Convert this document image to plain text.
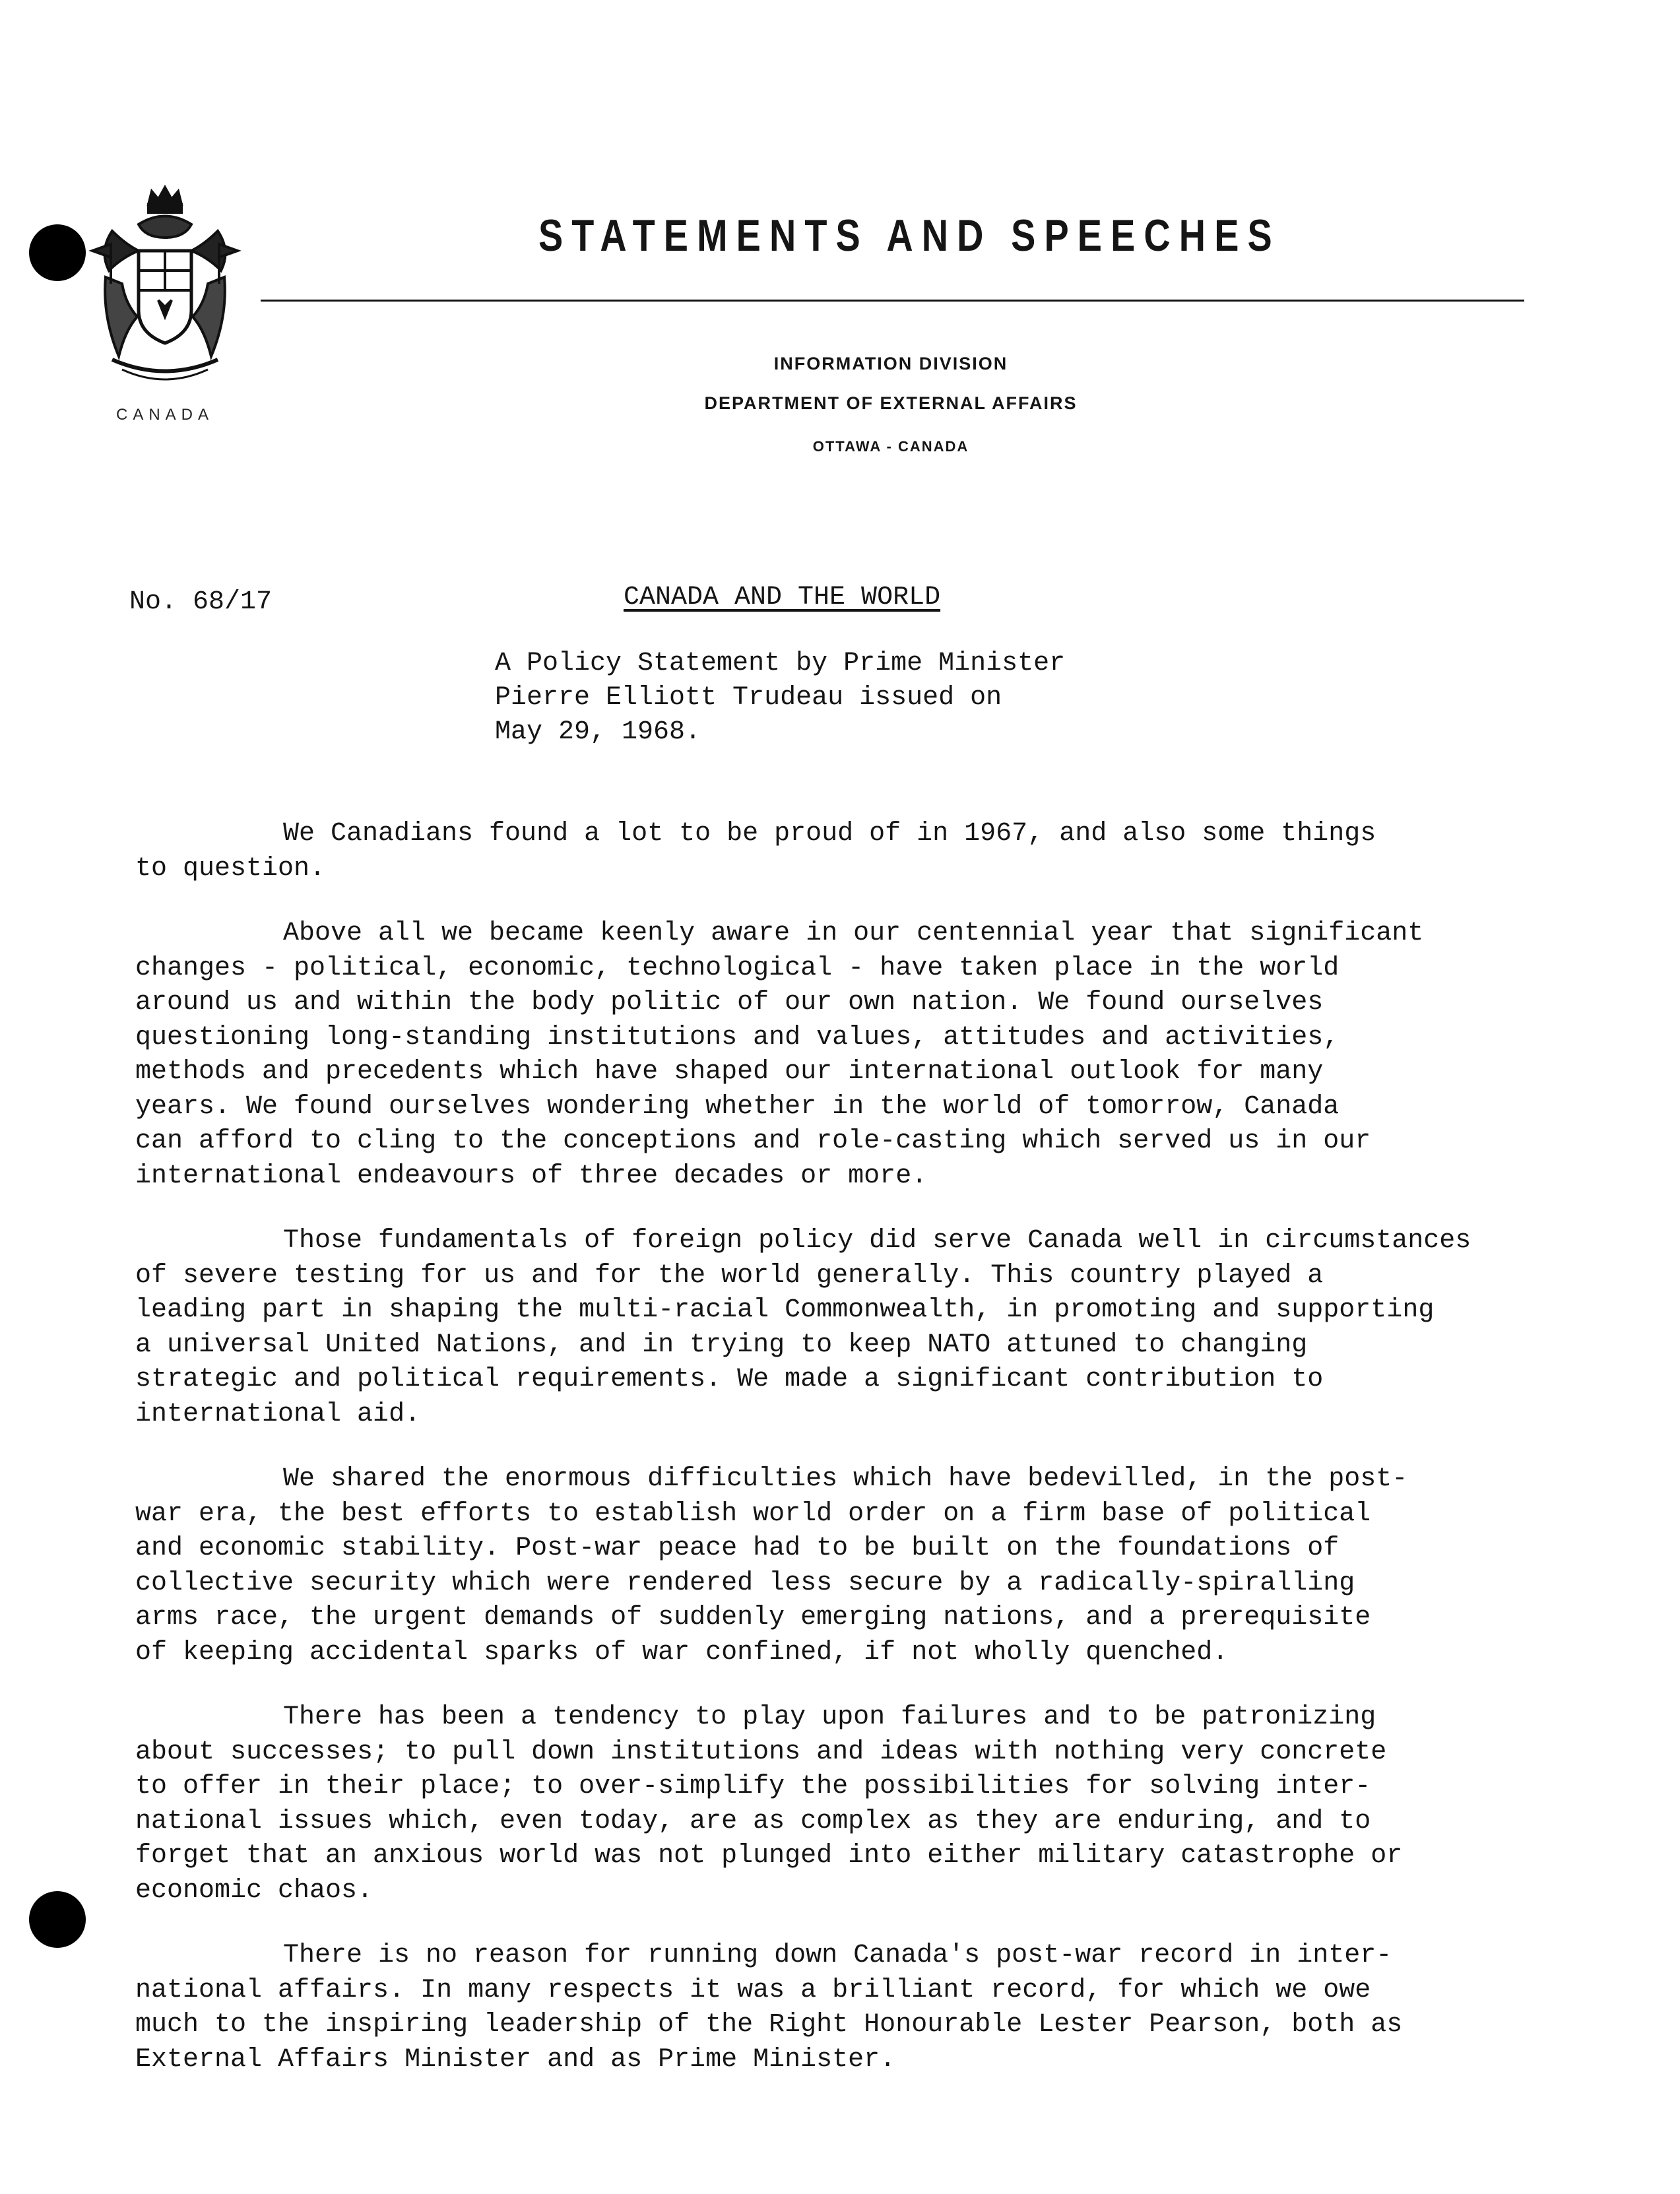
CANADA
STATEMENTS AND SPEECHES
INFORMATION DIVISION
DEPARTMENT OF EXTERNAL AFFAIRS
OTTAWA - CANADA
No. 68/17	CANADA AND THE WORLD
A Policy Statement by Prime Minister
Pierre Elliott Trudeau issued on
May 29, 1968.
We Canadians found a lot to be proud of in 1967, and also some things
to question.
Above all we became keenly aware in our centennial year that significant
changes - political, economic, technological - have taken place in the world
around us and within the body politic of our own nation. We found ourselves
questioning long-standing institutions and values, attitudes and activities,
methods and precedents which have shaped our international outlook for many
years. We found ourselves wondering whether in the world of tomorrow, Canada
can afford to cling to the conceptions and role-casting which served us in our
international endeavours of three decades or more.
Those fundamentals of foreign policy did serve Canada well in circumstances
of severe testing for us and for the world generally. This country played a
leading part in shaping the multi-racial Commonwealth, in promoting and supporting
a universal United Nations, and in trying to keep NATO attuned to changing
strategic and political requirements. We made a significant contribution to
international aid.
We shared the enormous difficulties which have bedevilled, in the post-
war era, the best efforts to establish world order on a firm base of political
and economic stability. Post-war peace had to be built on the foundations of
collective security which were rendered less secure by a radically-spiralling
arms race, the urgent demands of suddenly emerging nations, and a prerequisite
of keeping accidental sparks of war confined, if not wholly quenched.
There has been a tendency to play upon failures and to be patronizing
about successes; to pull down institutions and ideas with nothing very concrete
to offer in their place; to over-simplify the possibilities for solving inter-
national issues which, even today, are as complex as they are enduring, and to
forget that an anxious world was not plunged into either military catastrophe or
economic chaos.
There is no reason for running down Canada's post-war record in inter-
national affairs. In many respects it was a brilliant record, for which we owe
much to the inspiring leadership of the Right Honourable Lester Pearson, both as
External Affairs Minister and as Prime Minister.
